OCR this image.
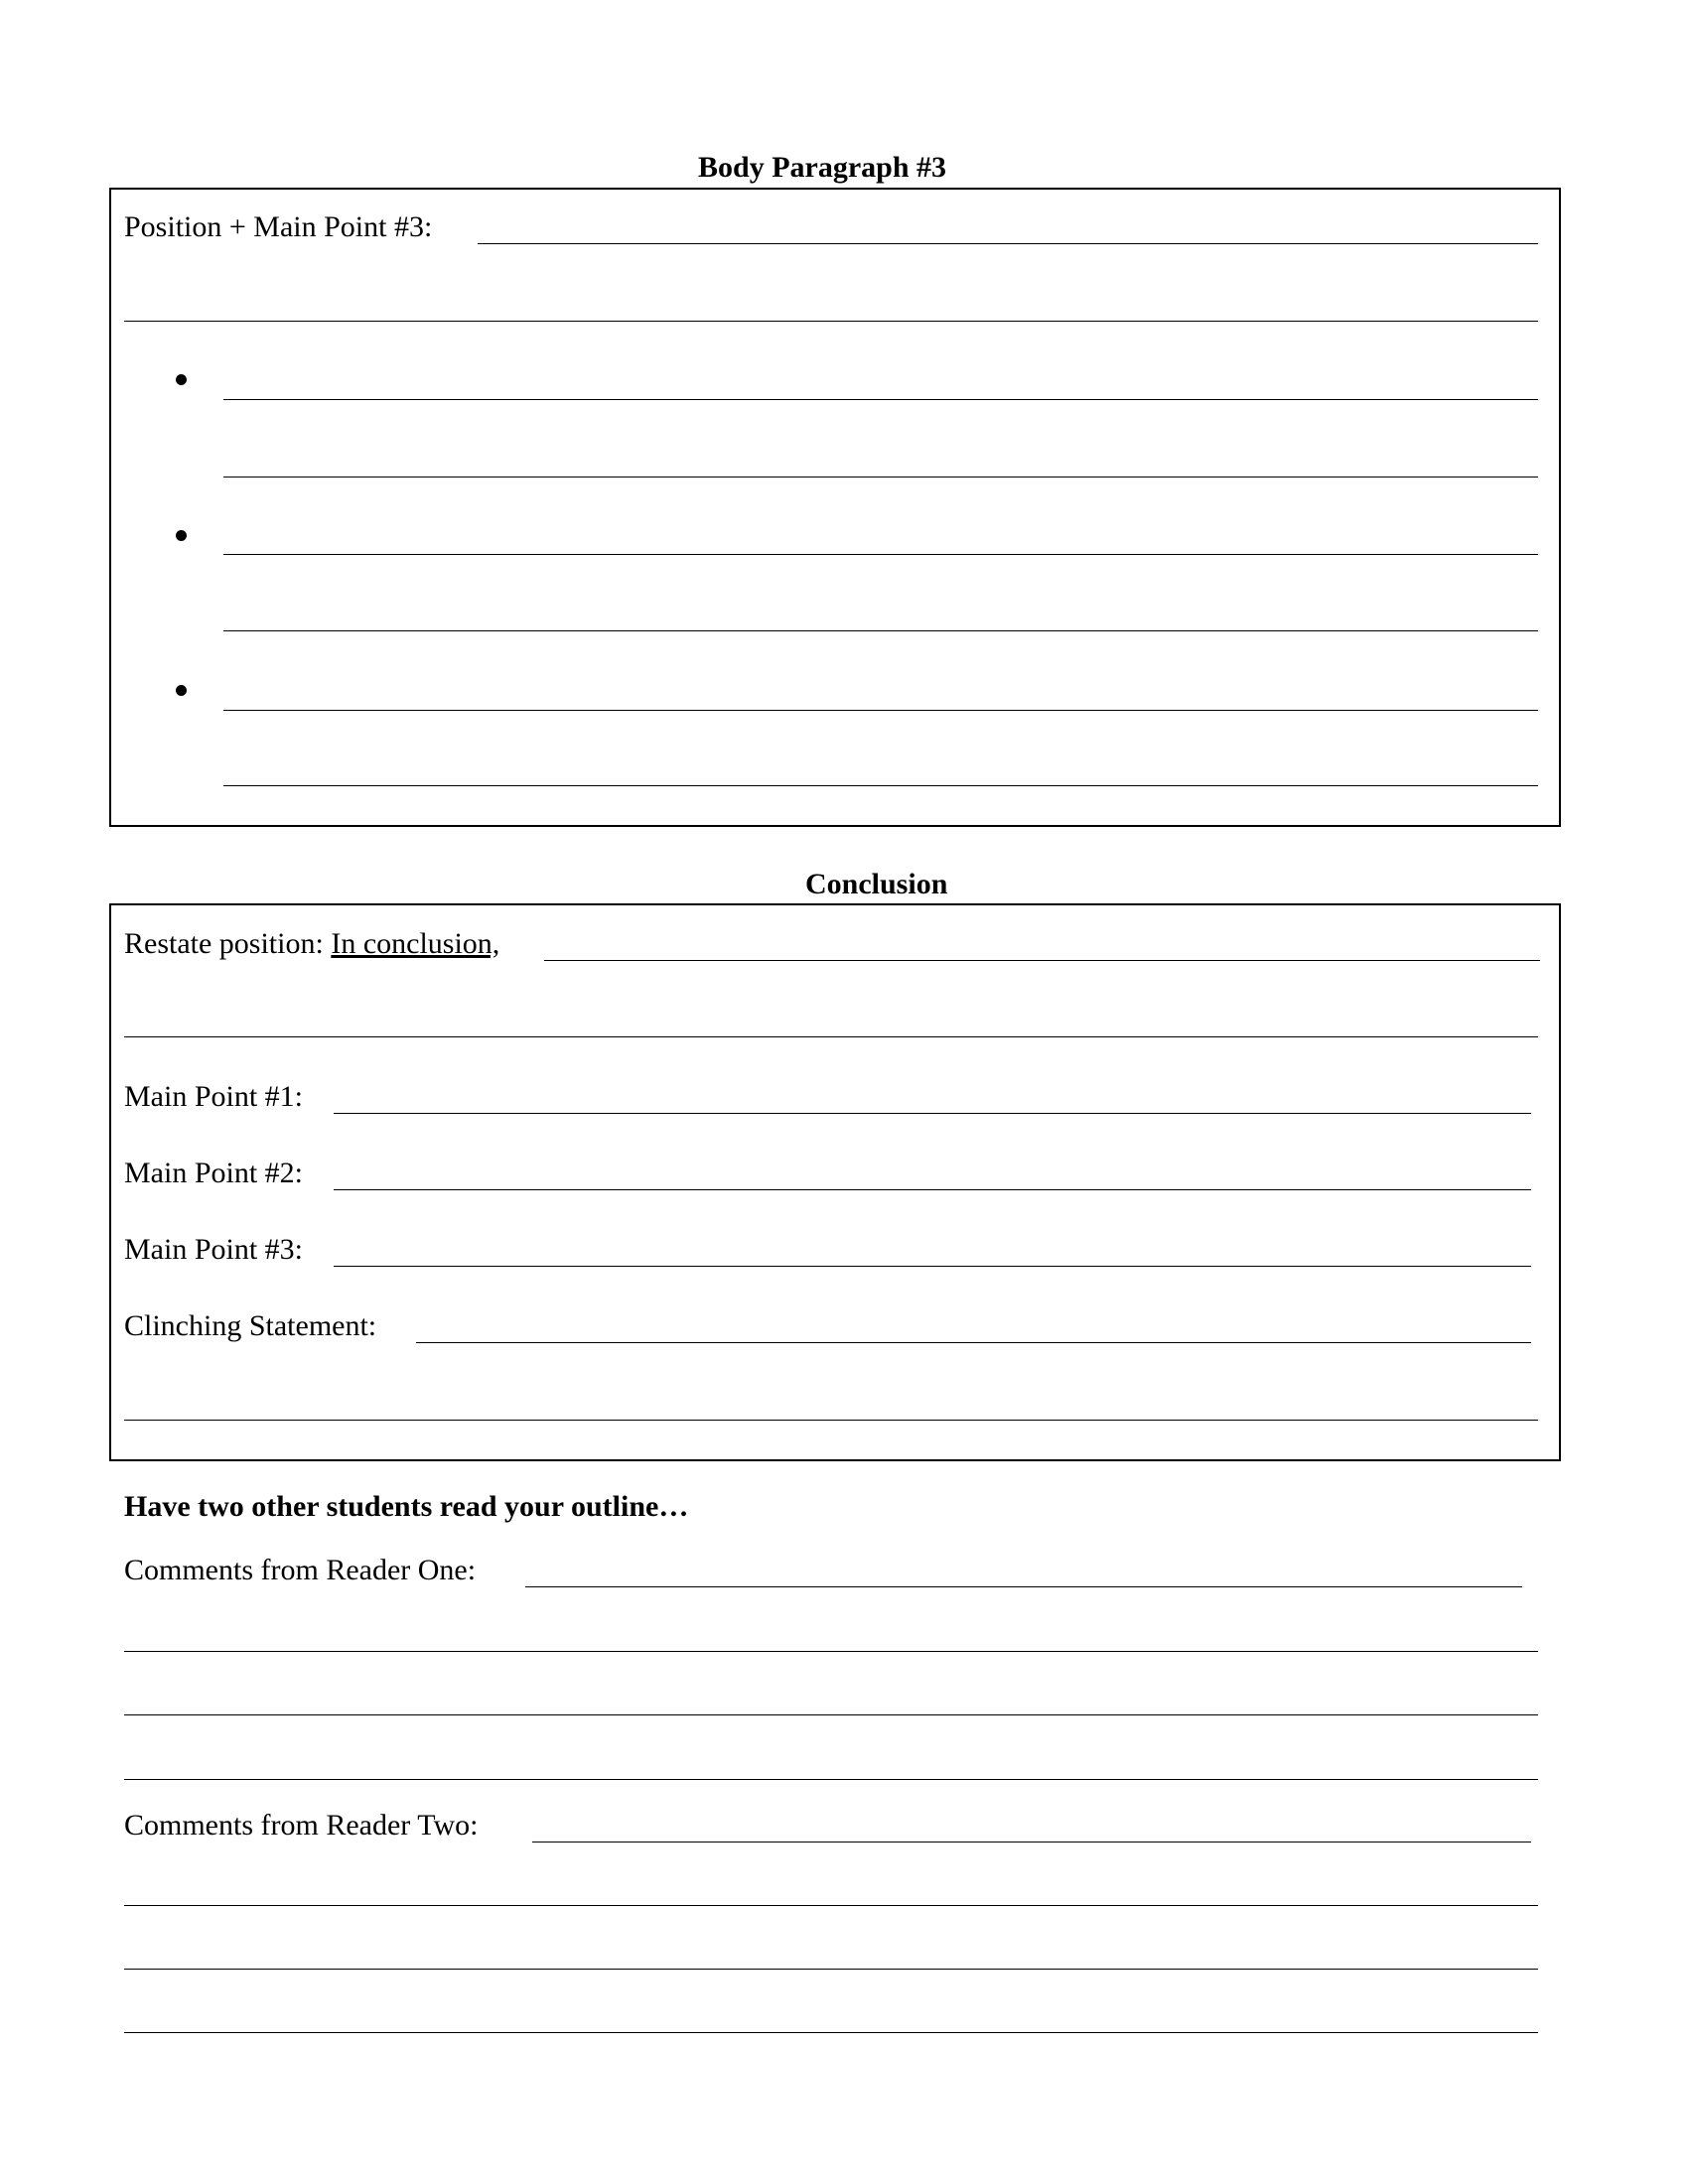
Body Paragraph #3
Position + Main Point #3:
Conclusion
Restate position: In conclusion,
Main Point #1:
Main Point #2:
Main Point #3:
Clinching Statement:
Have two other students read your outline…
Comments from Reader One:
Comments from Reader Two:
